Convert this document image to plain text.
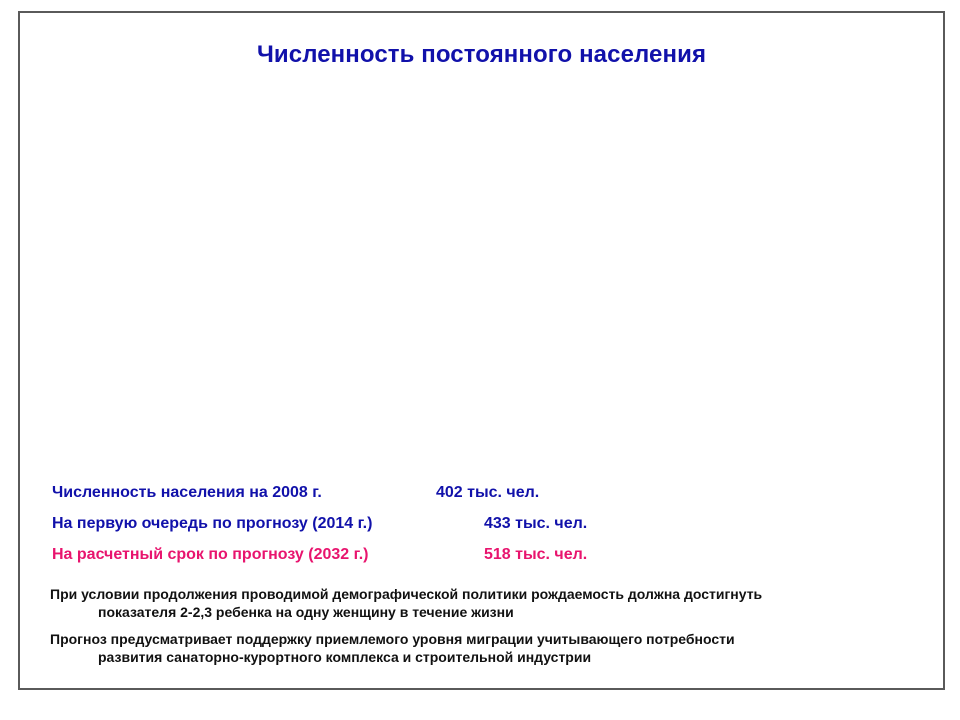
Численность постоянного населения
Численность населения на 2008 г.	402 тыс. чел.
На первую очередь по прогнозу (2014 г.)	433 тыс. чел.
На расчетный срок по прогнозу (2032 г.)	518 тыс. чел.
При условии продолжения проводимой демографической политики рождаемость должна достигнуть
показателя 2-2,3 ребенка на одну женщину в течение жизни
Прогноз предусматривает поддержку приемлемого уровня миграции учитывающего потребности
развития санаторно-курортного комплекса и строительной индустрии
